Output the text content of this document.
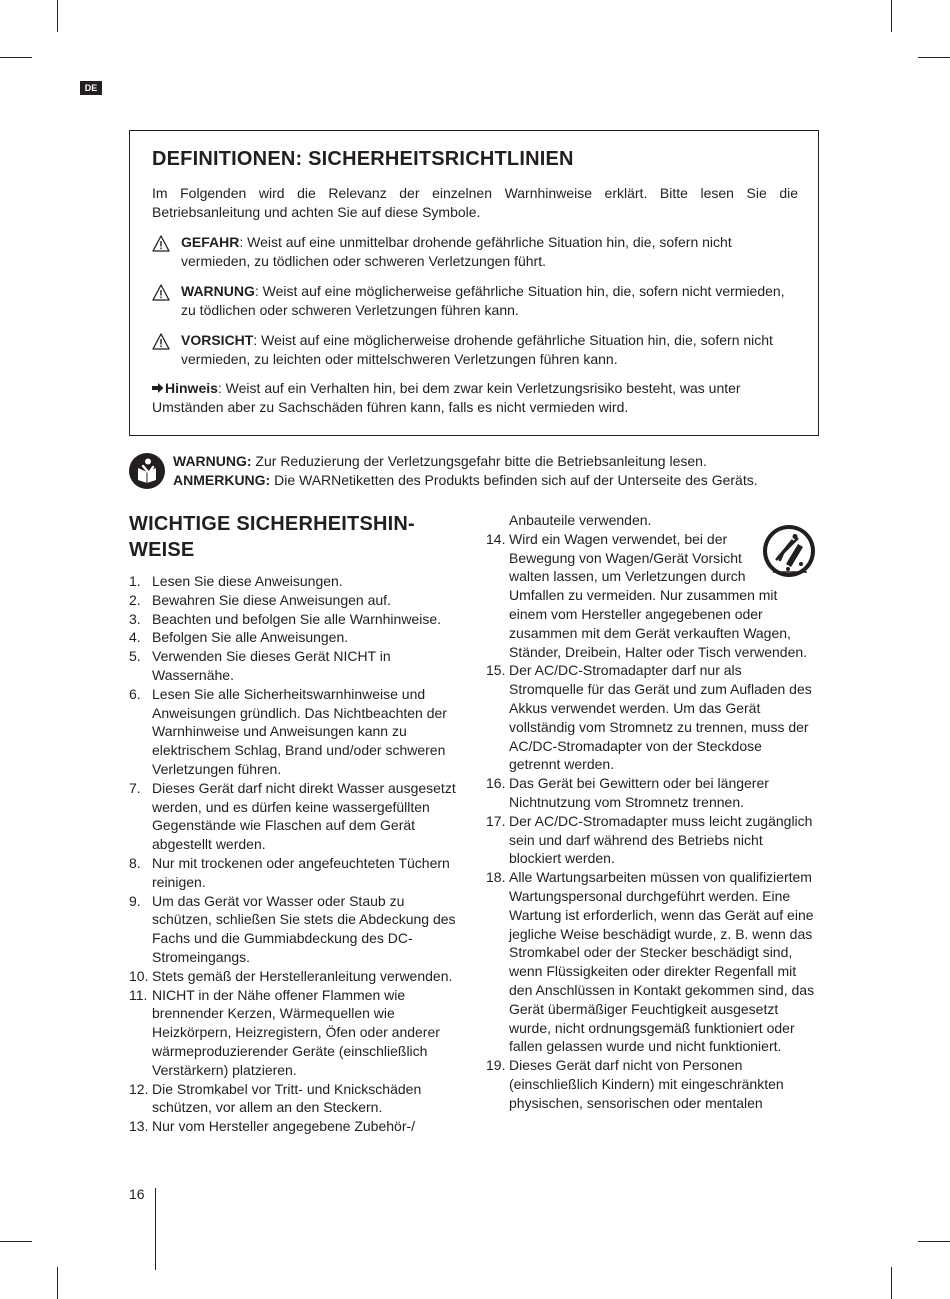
DE
DEFINITIONEN: SICHERHEITSRICHTLINIEN

Im Folgenden wird die Relevanz der einzelnen Warnhinweise erklärt. Bitte lesen Sie die Betriebsanleitung und achten Sie auf diese Symbole.

GEFAHR: Weist auf eine unmittelbar drohende gefährliche Situation hin, die, sofern nicht vermieden, zu tödlichen oder schweren Verletzungen führt.
WARNUNG: Weist auf eine möglicherweise gefährliche Situation hin, die, sofern nicht vermieden, zu tödlichen oder schweren Verletzungen führen kann.
VORSICHT: Weist auf eine möglicherweise drohende gefährliche Situation hin, die, sofern nicht vermieden, zu leichten oder mittelschweren Verletzungen führen kann.
Hinweis: Weist auf ein Verhalten hin, bei dem zwar kein Verletzungsrisiko besteht, was unter Umständen aber zu Sachschäden führen kann, falls es nicht vermieden wird.
WARNUNG: Zur Reduzierung der Verletzungsgefahr bitte die Betriebsanleitung lesen.
ANMERKUNG: Die WARNetiketten des Produkts befinden sich auf der Unterseite des Geräts.
WICHTIGE SICHERHEITSHIN-WEISE
1. Lesen Sie diese Anweisungen.
2. Bewahren Sie diese Anweisungen auf.
3. Beachten und befolgen Sie alle Warnhinweise.
4. Befolgen Sie alle Anweisungen.
5. Verwenden Sie dieses Gerät NICHT in Wassernähe.
6. Lesen Sie alle Sicherheitswarnhinweise und Anweisungen gründlich. Das Nichtbeachten der Warnhinweise und Anweisungen kann zu elektrischem Schlag, Brand und/oder schweren Verletzungen führen.
7. Dieses Gerät darf nicht direkt Wasser ausgesetzt werden, und es dürfen keine wassergefüllten Gegenstände wie Flaschen auf dem Gerät abgestellt werden.
8. Nur mit trockenen oder angefeuchteten Tüchern reinigen.
9. Um das Gerät vor Wasser oder Staub zu schützen, schließen Sie stets die Abdeckung des Fachs und die Gummiabdeckung des DC-Stromeingangs.
10. Stets gemäß der Herstelleranleitung verwenden.
11. NICHT in der Nähe offener Flammen wie brennender Kerzen, Wärmequellen wie Heizkörpern, Heizregistern, Öfen oder anderer wärmeproduzierender Geräte (einschließlich Verstärkern) platzieren.
12. Die Stromkabel vor Tritt- und Knickschäden schützen, vor allem an den Steckern.
13. Nur vom Hersteller angegebene Zubehör-/
Anbauteile verwenden.
14. Wird ein Wagen verwendet, bei der Bewegung von Wagen/Gerät Vorsicht walten lassen, um Verletzungen durch Umfallen zu vermeiden. Nur zusammen mit einem vom Hersteller angegebenen oder zusammen mit dem Gerät verkauften Wagen, Ständer, Dreibein, Halter oder Tisch verwenden.
15. Der AC/DC-Stromadapter darf nur als Stromquelle für das Gerät und zum Aufladen des Akkus verwendet werden. Um das Gerät vollständig vom Stromnetz zu trennen, muss der AC/DC-Stromadapter von der Steckdose getrennt werden.
16. Das Gerät bei Gewittern oder bei längerer Nichtnutzung vom Stromnetz trennen.
17. Der AC/DC-Stromadapter muss leicht zugänglich sein und darf während des Betriebs nicht blockiert werden.
18. Alle Wartungsarbeiten müssen von qualifiziertem Wartungspersonal durchgeführt werden. Eine Wartung ist erforderlich, wenn das Gerät auf eine jegliche Weise beschädigt wurde, z. B. wenn das Stromkabel oder der Stecker beschädigt sind, wenn Flüssigkeiten oder direkter Regenfall mit den Anschlüssen in Kontakt gekommen sind, das Gerät übermäßiger Feuchtigkeit ausgesetzt wurde, nicht ordnungsgemäß funktioniert oder fallen gelassen wurde und nicht funktioniert.
19. Dieses Gerät darf nicht von Personen (einschließlich Kindern) mit eingeschränkten physischen, sensorischen oder mentalen
16
